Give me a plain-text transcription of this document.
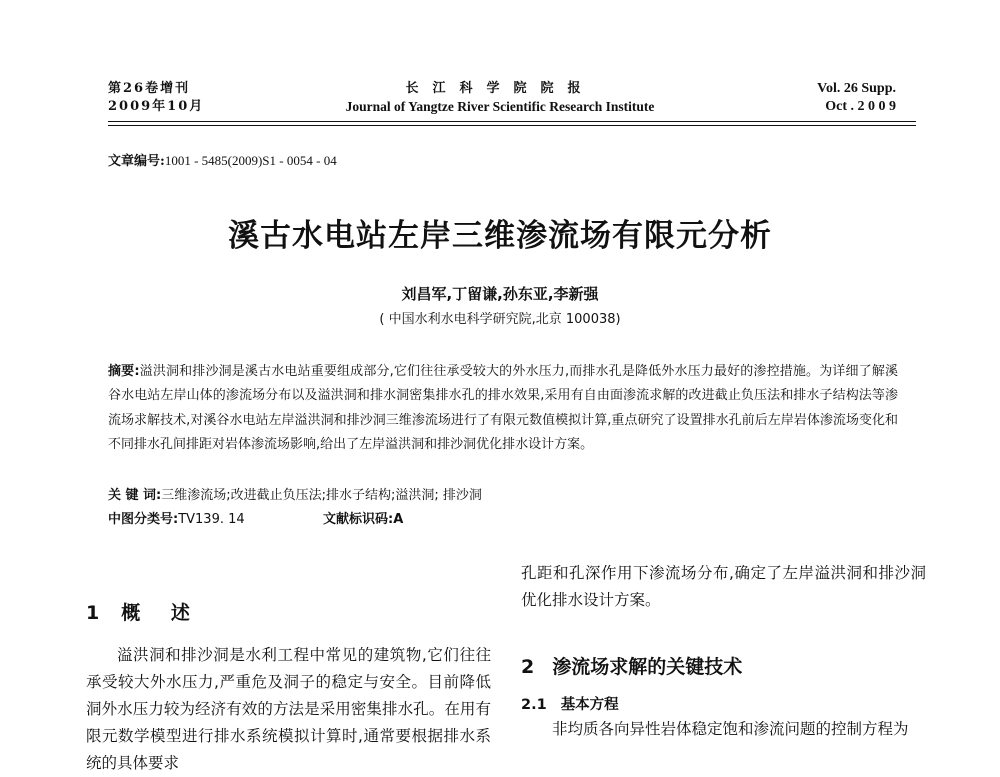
第26卷增刊
2009年10月
长江科学院院报
Journal of Yangtze River Scientific Research Institute
Vol. 26 Supp.
Oct . 2 0 0 9
文章编号:1001 - 5485(2009)S1 - 0054 - 04
溪古水电站左岸三维渗流场有限元分析
刘昌军,丁留谦,孙东亚,李新强
( 中国水利水电科学研究院,北京 100038)
摘要:溢洪洞和排沙洞是溪古水电站重要组成部分,它们往往承受较大的外水压力,而排水孔是降低外水压力最好的渗控措施。为详细了解溪谷水电站左岸山体的渗流场分布以及溢洪洞和排水洞密集排水孔的排水效果,采用有自由面渗流求解的改进截止负压法和排水子结构法等渗流场求解技术,对溪谷水电站左岸溢洪洞和排沙洞三维渗流场进行了有限元数值模拟计算,重点研究了设置排水孔前后左岸岩体渗流场变化和不同排水孔间排距对岩体渗流场影响,给出了左岸溢洪洞和排沙洞优化排水设计方案。
关 键 词:三维渗流场;改进截止负压法;排水子结构;溢洪洞; 排沙洞
中图分类号:TV139. 14	文献标识码:A
1 概 述
溢洪洞和排沙洞是水利工程中常见的建筑物,它们往往承受较大外水压力,严重危及洞子的稳定与安全。目前降低洞外水压力较为经济有效的方法是采用密集排水孔。在用有限元数学模型进行排水系统模拟计算时,通常要根据排水系统的具体要求
孔距和孔深作用下渗流场分布,确定了左岸溢洪洞和排沙洞优化排水设计方案。
2 渗流场求解的关键技术
2.1 基本方程
非均质各向异性岩体稳定饱和渗流问题的控制方程为
